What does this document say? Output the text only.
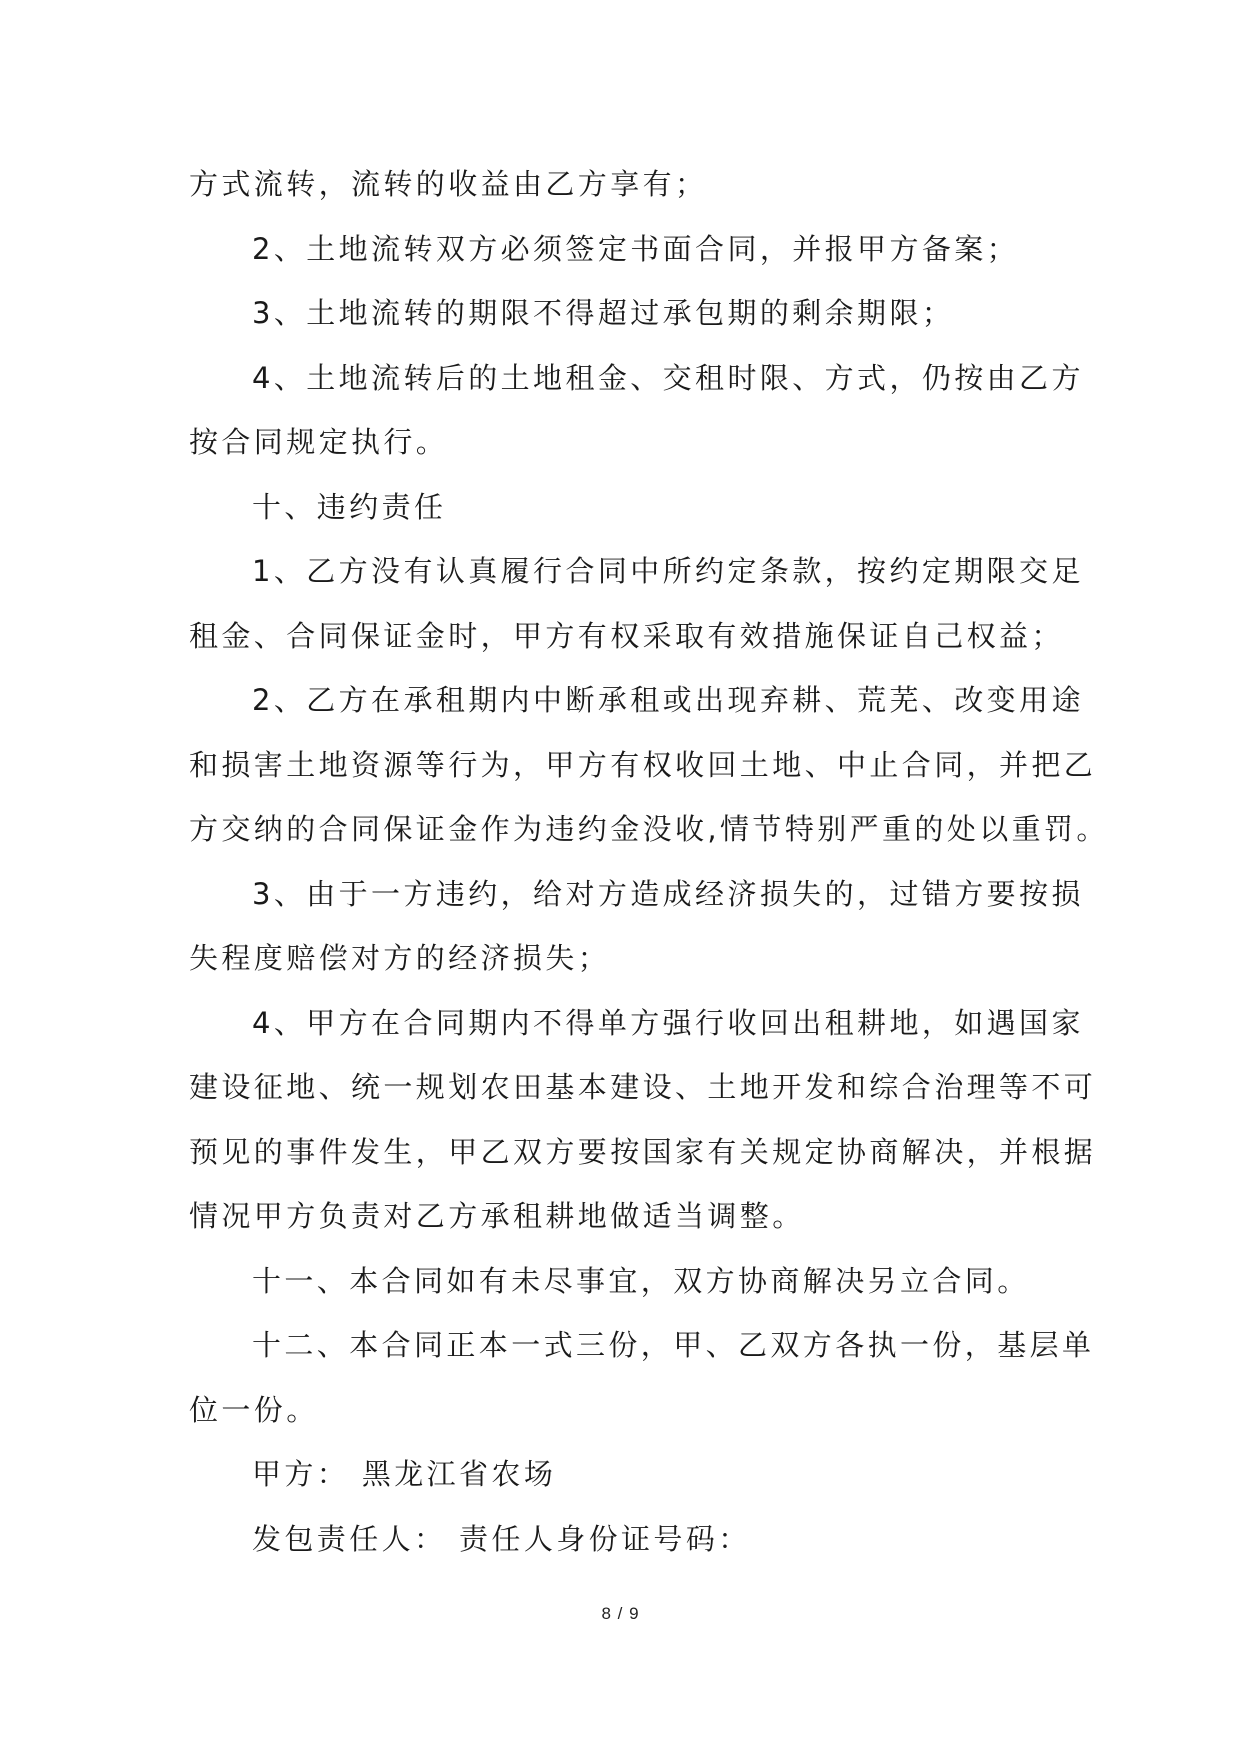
方式流转，流转的收益由乙方享有；

2、土地流转双方必须签定书面合同，并报甲方备案；

3、土地流转的期限不得超过承包期的剩余期限；

4、土地流转后的土地租金、交租时限、方式，仍按由乙方

按合同规定执行。

十、违约责任

1、乙方没有认真履行合同中所约定条款，按约定期限交足

租金、合同保证金时，甲方有权采取有效措施保证自己权益；

2、乙方在承租期内中断承租或出现弃耕、荒芜、改变用途

和损害土地资源等行为，甲方有权收回土地、中止合同，并把乙

方交纳的合同保证金作为违约金没收,情节特别严重的处以重罚。

3、由于一方违约，给对方造成经济损失的，过错方要按损

失程度赔偿对方的经济损失；

4、甲方在合同期内不得单方强行收回出租耕地，如遇国家

建设征地、统一规划农田基本建设、土地开发和综合治理等不可

预见的事件发生，甲乙双方要按国家有关规定协商解决，并根据

情况甲方负责对乙方承租耕地做适当调整。

十一、本合同如有未尽事宜，双方协商解决另立合同。

十二、本合同正本一式三份，甲、乙双方各执一份，基层单

位一份。

甲方： 黑龙江省农场

发包责任人： 责任人身份证号码：

8 / 9
